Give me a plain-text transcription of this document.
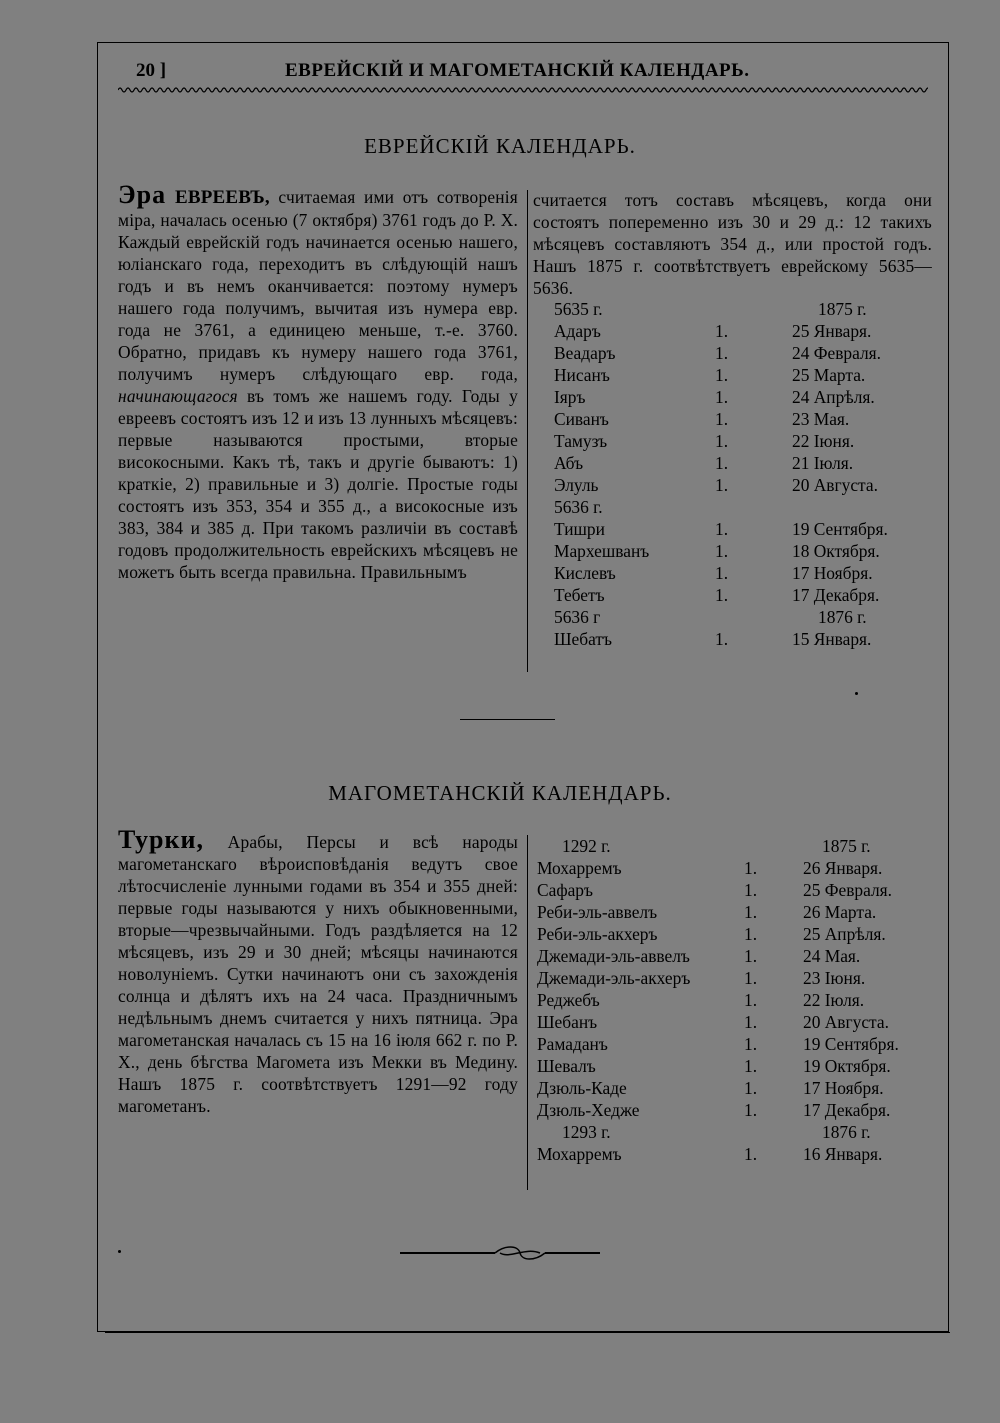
20 ]	ЕВРЕЙСКІЙ И МАГОМЕТАНСКІЙ КАЛЕНДАРЬ.
ЕВРЕЙСКІЙ КАЛЕНДАРЬ.
Эра ЕВРЕЕВЪ, считаемая ими отъ сотворенія міра, началась осенью (7 октября) 3761 годъ до Р. Х. Каждый еврейскій годъ начинается осенью нашего, юліанскаго года, переходитъ въ слѣдующій нашъ годъ и въ немъ оканчивается: поэтому нумеръ нашего года получимъ, вычитая изъ нумера евр. года не 3761, а единицею меньше, т.-е. 3760. Обратно, придавъ къ нумеру нашего года 3761, получимъ нумеръ слѣдующаго евр. года, начинающагося въ томъ же нашемъ году. Годы у евреевъ состоятъ изъ 12 и изъ 13 лунныхъ мѣсяцевъ: первые называются простыми, вторые високосными. Какъ тѣ, такъ и другіе бываютъ: 1) краткіе, 2) правильные и 3) долгіе. Простые годы состоятъ изъ 353, 354 и 355 д., а високосные изъ 383, 384 и 385 д. При такомъ различіи въ составѣ годовъ продолжительность еврейскихъ мѣсяцевъ не можетъ быть всегда правильна. Правильнымъ
считается тотъ составъ мѣсяцевъ, когда они состоятъ попеременно изъ 30 и 29 д.: 12 такихъ мѣсяцевъ составляютъ 354 д., или простой годъ. Нашъ 1875 г. соотвѣтствуетъ еврейскому 5635—5636.
5635 г.	1875 г.
Адаръ	1.	25 Января.
Веадаръ	1.	24 Февраля.
Нисанъ	1.	25 Марта.
Іяръ	1.	24 Апрѣля.
Сиванъ	1.	23 Мая.
Тамузъ	1.	22 Іюня.
Абъ	1.	21 Іюля.
Элуль	1.	20 Августа.
5636 г.
Тишри	1.	19 Сентября.
Мархешванъ	1.	18 Октября.
Кислевъ	1.	17 Ноября.
Тебетъ	1.	17 Декабря.
5636 г	1876 г.
Шебатъ	1.	15 Января.
МАГОМЕТАНСКІЙ КАЛЕНДАРЬ.
Турки, Арабы, Персы и всѣ народы магометанскаго вѣроисповѣданія ведутъ свое лѣтосчисленіе лунными годами въ 354 и 355 дней: первые годы называются у нихъ обыкновенными, вторые—чрезвычайными. Годъ раздѣляется на 12 мѣсяцевъ, изъ 29 и 30 дней; мѣсяцы начинаются новолуніемъ. Сутки начинаютъ они съ захожденія солнца и дѣлятъ ихъ на 24 часа. Праздничнымъ недѣльнымъ днемъ считается у нихъ пятница. Эра магометанская началась съ 15 на 16 іюля 662 г. по Р. Х., день бѣгства Магомета изъ Мекки въ Медину. Нашъ 1875 г. соотвѣтствуетъ 1291—92 году магометанъ.
1292 г.	1875 г.
Мохарремъ	1.	26 Января.
Сафаръ	1.	25 Февраля.
Реби-эль-аввелъ	1.	26 Марта.
Реби-эль-акхеръ	1.	25 Апрѣля.
Джемади-эль-аввелъ	1.	24 Мая.
Джемади-эль-акхеръ	1.	23 Іюня.
Реджебъ	1.	22 Іюля.
Шебанъ	1.	20 Августа.
Рамаданъ	1.	19 Сентября.
Шевалъ	1.	19 Октября.
Дзюль-Каде	1.	17 Ноября.
Дзюль-Хедже	1.	17 Декабря.
1293 г.	1876 г.
Мохарремъ	1.	16 Января.
